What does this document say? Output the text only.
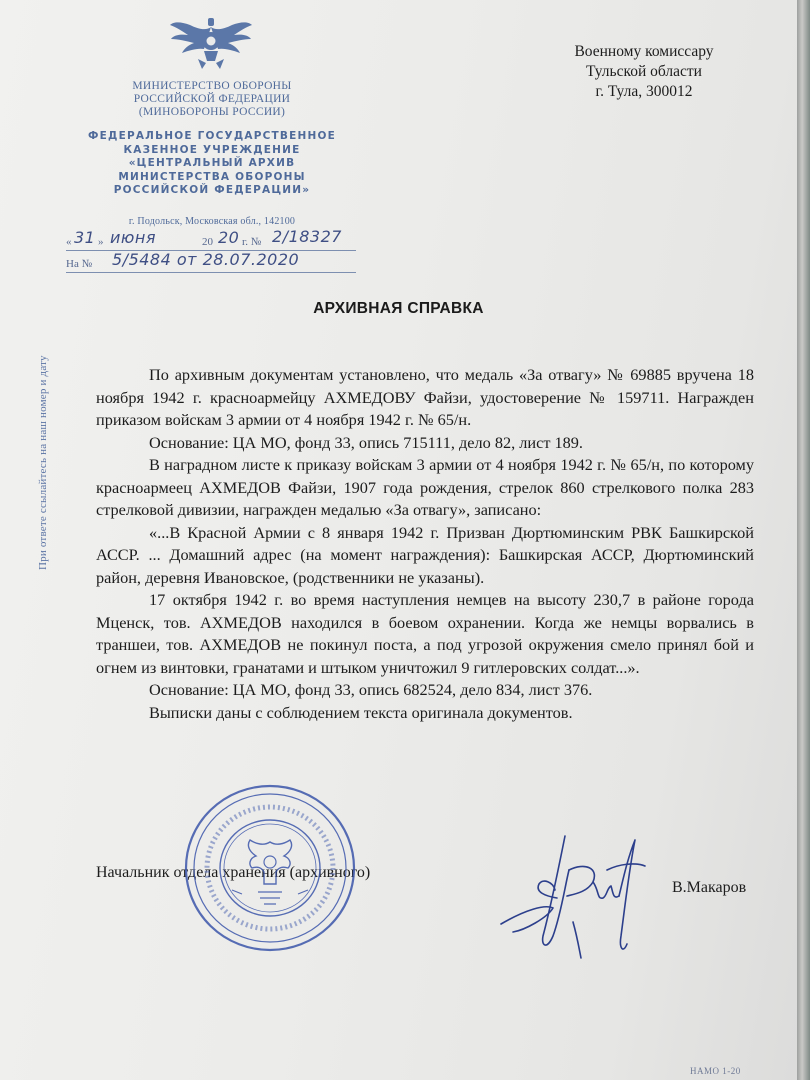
МИНИСТЕРСТВО ОБОРОНЫ
РОССИЙСКОЙ ФЕДЕРАЦИИ
(МИНОБОРОНЫ РОССИИ)
ФЕДЕРАЛЬНОЕ ГОСУДАРСТВЕННОЕ
КАЗЕННОЕ УЧРЕЖДЕНИЕ
«ЦЕНТРАЛЬНЫЙ АРХИВ
МИНИСТЕРСТВА ОБОРОНЫ
РОССИЙСКОЙ ФЕДЕРАЦИИ»
г. Подольск, Московская обл., 142100
« 31 » июня	20 20 г. № 2/18327
На № 5/5484 от 28.07.2020
При ответе ссылайтесь на наш номер и дату
Военному комиссару
Тульской области
г. Тула, 300012
АРХИВНАЯ СПРАВКА

По архивным документам установлено, что медаль «За отвагу» № 69885 вручена 18 ноября 1942 г. красноармейцу АХМЕДОВУ Файзи, удостоверение № 159711. Награжден приказом войскам 3 армии от 4 ноября 1942 г. № 65/н.

Основание: ЦА МО, фонд 33, опись 715111, дело 82, лист 189.

В наградном листе к приказу войскам 3 армии от 4 ноября 1942 г. № 65/н, по которому красноармеец АХМЕДОВ Файзи, 1907 года рождения, стрелок 860 стрелкового полка 283 стрелковой дивизии, награжден медалью «За отвагу», записано:

«...В Красной Армии с 8 января 1942 г. Призван Дюртюминским РВК Башкирской АССР. ... Домашний адрес (на момент награждения): Башкирская АССР, Дюртюминский район, деревня Ивановское, (родственники не указаны).

17 октября 1942 г. во время наступления немцев на высоту 230,7 в районе города Мценск, тов. АХМЕДОВ находился в боевом охранении. Когда же немцы ворвались в траншеи, тов. АХМЕДОВ не покинул поста, а под угрозой окружения смело принял бой и огнем из винтовки, гранатами и штыком уничтожил 9 гитлеровских солдат...».

Основание: ЦА МО, фонд 33, опись 682524, дело 834, лист 376.

Выписки даны с соблюдением текста оригинала документов.

Начальник отдела хранения (архивного)
В.Макаров
НАМО 1-20
